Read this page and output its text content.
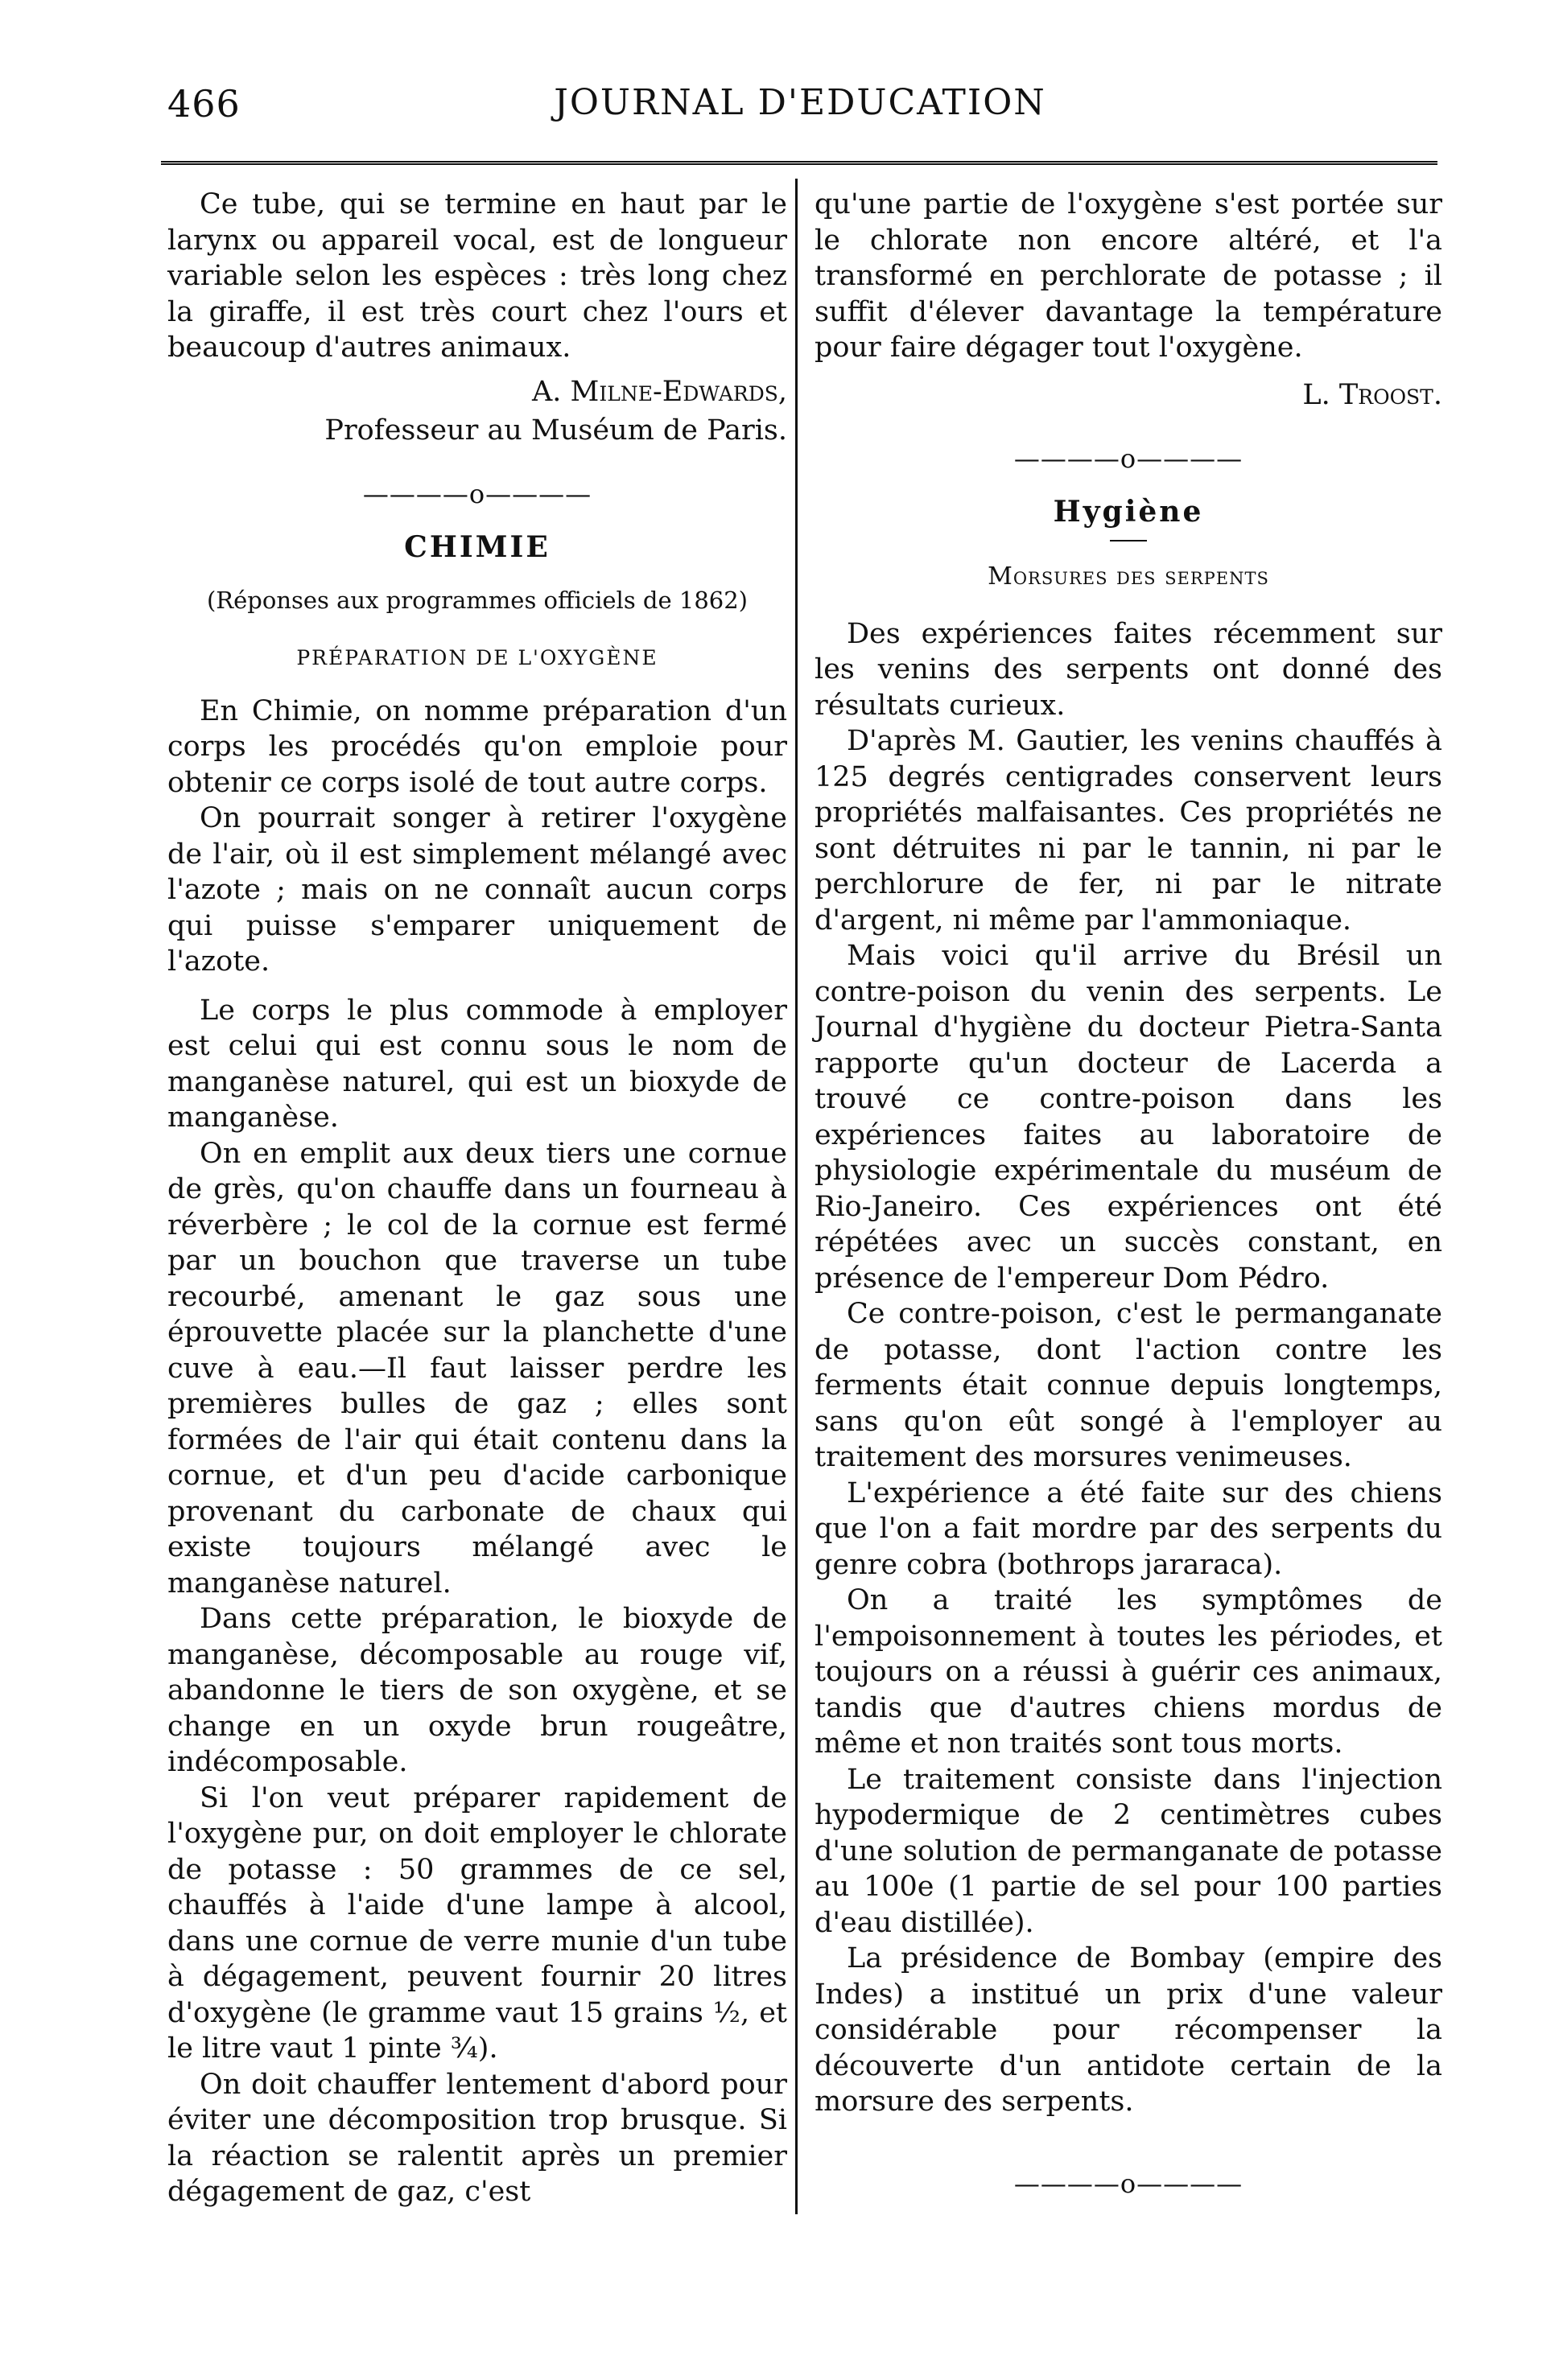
466	JOURNAL D'EDUCATION

Ce tube, qui se termine en haut par le larynx ou appareil vocal, est de longueur variable selon les espèces : très long chez la giraffe, il est très court chez l'ours et beaucoup d'autres animaux.

A. Milne-Edwards,

Professeur au Muséum de Paris.

————o————
CHIMIE
(Réponses aux programmes officiels de 1862)
PRÉPARATION DE L'OXYGÈNE

En Chimie, on nomme préparation d'un corps les procédés qu'on emploie pour obtenir ce corps isolé de tout autre corps.

On pourrait songer à retirer l'oxygène de l'air, où il est simplement mélangé avec l'azote ; mais on ne connaît aucun corps qui puisse s'emparer uniquement de l'azote.

Le corps le plus commode à employer est celui qui est connu sous le nom de manganèse naturel, qui est un bioxyde de manganèse.

On en emplit aux deux tiers une cornue de grès, qu'on chauffe dans un fourneau à réverbère ; le col de la cornue est fermé par un bouchon que traverse un tube recourbé, amenant le gaz sous une éprouvette placée sur la planchette d'une cuve à eau.—Il faut laisser perdre les premières bulles de gaz ; elles sont formées de l'air qui était contenu dans la cornue, et d'un peu d'acide carbonique provenant du carbonate de chaux qui existe toujours mélangé avec le manganèse naturel.

Dans cette préparation, le bioxyde de manganèse, décomposable au rouge vif, abandonne le tiers de son oxygène, et se change en un oxyde brun rougeâtre, indécomposable.

Si l'on veut préparer rapidement de l'oxygène pur, on doit employer le chlorate de potasse : 50 grammes de ce sel, chauffés à l'aide d'une lampe à alcool, dans une cornue de verre munie d'un tube à dégagement, peuvent fournir 20 litres d'oxygène (le gramme vaut 15 grains ½, et le litre vaut 1 pinte ¾).

On doit chauffer lentement d'abord pour éviter une décomposition trop brusque. Si la réaction se ralentit après un premier dégagement de gaz, c'est

qu'une partie de l'oxygène s'est portée sur le chlorate non encore altéré, et l'a transformé en perchlorate de potasse ; il suffit d'élever davantage la température pour faire dégager tout l'oxygène.

L. Troost.

————o————
Hygiène
Morsures des serpents

Des expériences faites récemment sur les venins des serpents ont donné des résultats curieux.

D'après M. Gautier, les venins chauffés à 125 degrés centigrades conservent leurs propriétés malfaisantes. Ces propriétés ne sont détruites ni par le tannin, ni par le perchlorure de fer, ni par le nitrate d'argent, ni même par l'ammoniaque.

Mais voici qu'il arrive du Brésil un contre-poison du venin des serpents. Le Journal d'hygiène du docteur Pietra-Santa rapporte qu'un docteur de Lacerda a trouvé ce contre-poison dans les expériences faites au laboratoire de physiologie expérimentale du muséum de Rio-Janeiro. Ces expériences ont été répétées avec un succès constant, en présence de l'empereur Dom Pédro.

Ce contre-poison, c'est le permanganate de potasse, dont l'action contre les ferments était connue depuis longtemps, sans qu'on eût songé à l'employer au traitement des morsures venimeuses.

L'expérience a été faite sur des chiens que l'on a fait mordre par des serpents du genre cobra (bothrops jararaca).

On a traité les symptômes de l'empoisonnement à toutes les périodes, et toujours on a réussi à guérir ces animaux, tandis que d'autres chiens mordus de même et non traités sont tous morts.

Le traitement consiste dans l'injection hypodermique de 2 centimètres cubes d'une solution de permanganate de potasse au 100e (1 partie de sel pour 100 parties d'eau distillée).

La présidence de Bombay (empire des Indes) a institué un prix d'une valeur considérable pour récompenser la découverte d'un antidote certain de la morsure des serpents.

————o————
